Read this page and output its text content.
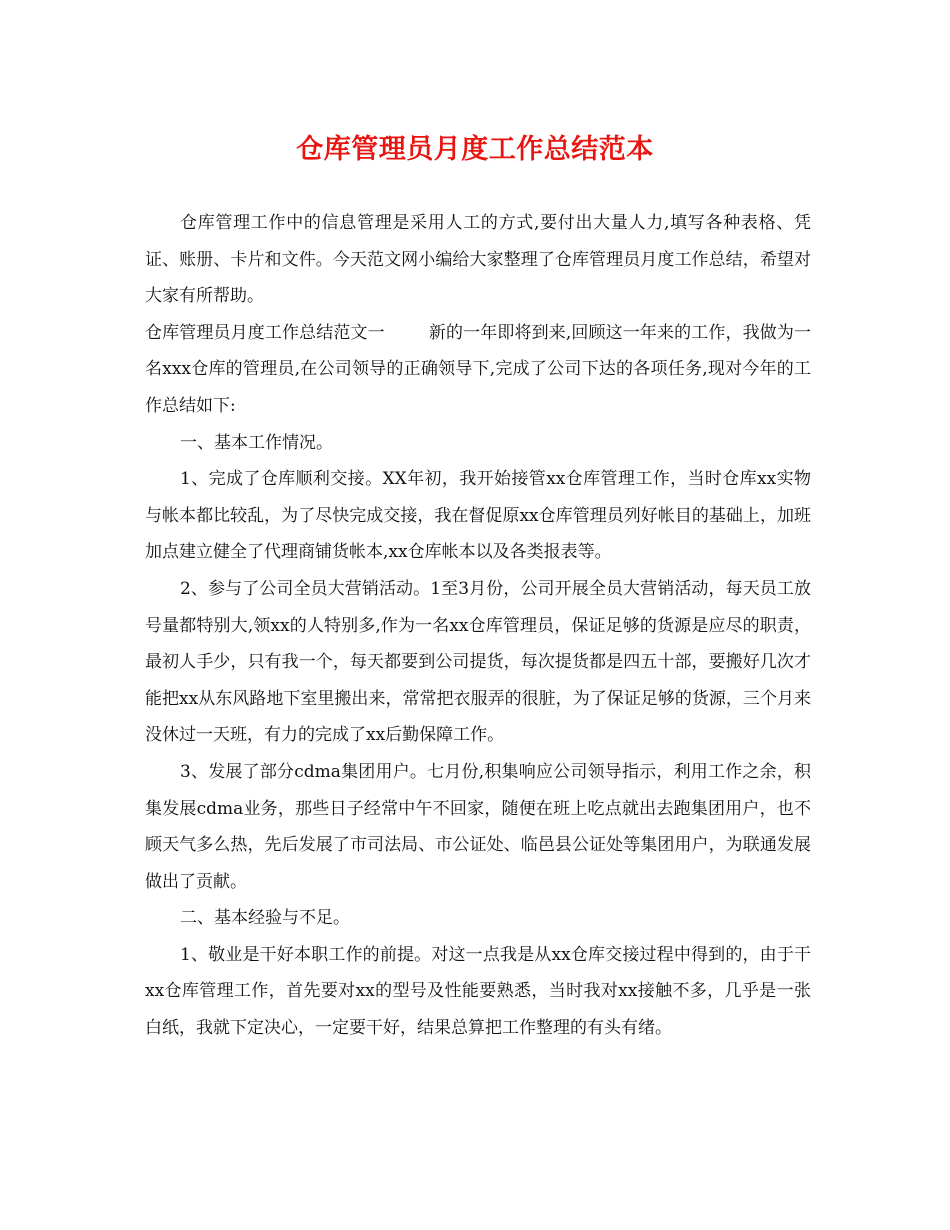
仓库管理员月度工作总结范本

仓库管理工作中的信息管理是采用人工的方式,要付出大量人力,填写各种表格、凭证、账册、卡片和文件。今天范文网小编给大家整理了仓库管理员月度工作总结，希望对大家有所帮助。

仓库管理员月度工作总结范文一	新的一年即将到来,回顾这一年来的工作，我做为一名xxx仓库的管理员,在公司领导的正确领导下,完成了公司下达的各项任务,现对今年的工作总结如下:

一、基本工作情况。

1、完成了仓库顺利交接。XX年初，我开始接管xx仓库管理工作，当时仓库xx实物与帐本都比较乱，为了尽快完成交接，我在督促原xx仓库管理员列好帐目的基础上，加班加点建立健全了代理商铺货帐本,xx仓库帐本以及各类报表等。

2、参与了公司全员大营销活动。1至3月份，公司开展全员大营销活动，每天员工放号量都特别大,领xx的人特别多,作为一名xx仓库管理员，保证足够的货源是应尽的职责，最初人手少，只有我一个，每天都要到公司提货，每次提货都是四五十部，要搬好几次才能把xx从东风路地下室里搬出来，常常把衣服弄的很脏，为了保证足够的货源，三个月来没休过一天班，有力的完成了xx后勤保障工作。

3、发展了部分cdma集团用户。七月份,积集响应公司领导指示，利用工作之余，积集发展cdma业务，那些日子经常中午不回家，随便在班上吃点就出去跑集团用户，也不顾天气多么热，先后发展了市司法局、市公证处、临邑县公证处等集团用户，为联通发展做出了贡献。

二、基本经验与不足。

1、敬业是干好本职工作的前提。对这一点我是从xx仓库交接过程中得到的，由于干xx仓库管理工作，首先要对xx的型号及性能要熟悉，当时我对xx接触不多，几乎是一张白纸，我就下定决心，一定要干好，结果总算把工作整理的有头有绪。
